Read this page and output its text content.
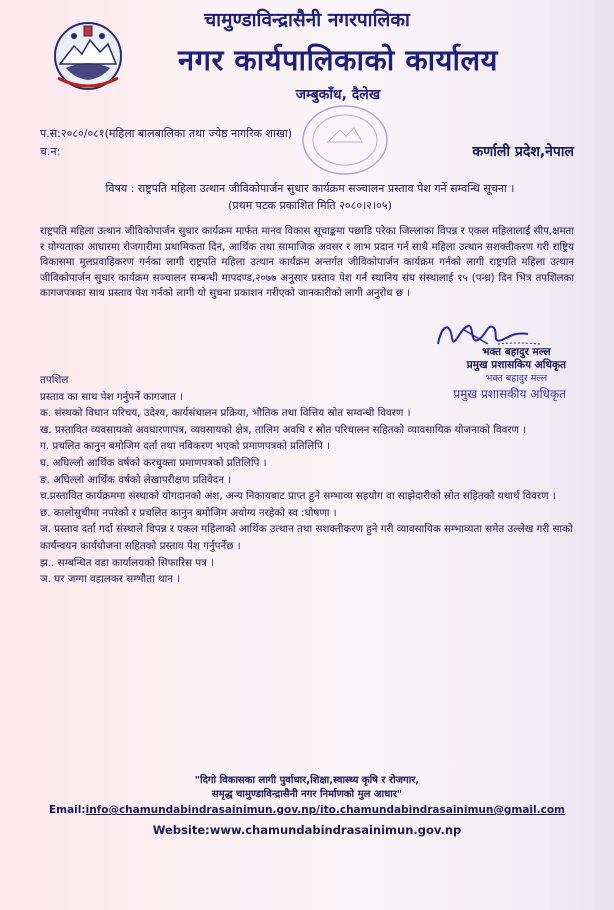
चामुण्डाविन्द्रासैनी नगरपालिका
नगर कार्यपालिकाको कार्यालय
जम्बुकाँध, दैलेख
प.स:२०८०/०८१(महिला बालबालिका तथा ज्येष्ठ नागरिक शाखा)
च.न:	कर्णाली प्रदेश,नेपाल
विषय : राष्ट्रपति महिला उत्थान जीविकोपार्जन सुधार कार्यक्रम सञ्चालन प्रस्ताव पेश गर्ने सम्वन्धि सूचना ।
(प्रथम पटक प्रकाशित मिति २०८०।२।०५)
राष्ट्रपति महिला उत्थान जीविकोपार्जन सुधार कार्यक्रम मार्फत मानव विकास सूचाङ्कमा पछाडि परेका जिल्लाका विपन्न र एकल महिलालाई सीप,क्षमता र योग्यताका आधारमा रोजगारीमा प्रथामिकता दिन, आर्थिक तथा सामाजिक अवसर र लाभ प्रदान गर्न साथै महिला उत्थान सशक्तीकरण गरी राष्ट्रिय विकासमा मुलप्रवाहिकरण गर्नका लागी राष्ट्रपति महिला उत्थान कार्यक्रम अन्तर्गत जीविकोपार्जन कार्यक्रम गर्नको लागी राष्ट्रपति महिला उत्थान जीविकोपार्जन सुधार कार्यक्रम सञ्चालन सम्बन्धी मापदण्ड,२०७७ अनुसार प्रस्ताव पेश गर्न स्थानिय संघ संस्थालाई १५ (पन्ध्र) दिन भित्र तपशिलका कागजपत्रका साथ प्रस्ताव पेश गर्नको लागी यो सुचना प्रकाशन गरीएको जानकारीको लागी अनुरोध छ ।
भक्त बहादुर मल्ल
प्रमुख प्रशासकिय अधिकृत
भक्त बहादुर मल्ल
प्रमुख प्रशासकीय अधिकृत

तपशिल

प्रस्ताव का साथ पेश गर्नुपर्ने कागजात ।

क. संस्थको विधान परिचय, उदेश्य, कार्यसंचालन प्रक्रिया, भौतिक तथा वित्तिय स्रोत सम्वन्धी विवरण ।

ख. प्रस्तावित व्यवसायको अवधारणापत्र, व्यवसायको क्षेत्र, तालिम अवधि र स्रोत परिचालन सहितको व्यावसायिक योजनाको विवरण ।

ग. प्रचलित कानुन बमोजिम दर्ता तथा नविकरण भएको प्रमाणपत्रको प्रतिलिपि ।

घ. अघिल्लो आर्थिक वर्षको करचुक्ता प्रमाणपत्रको प्रतिलिपि ।

ङ. अघिल्लो आर्थिक वर्षको लेखापरीक्षण प्रतिवेदन ।

च.प्रस्तावित कार्यक्रममा संस्थाको योगदानको अंश, अन्य निकायबाट प्राप्त हुने सम्भाव्य सहयोग वा साझेदारीको स्रोत सहितको यथार्थ विवरण ।

छ. कालोसुचीमा नपरेको र प्रचलित कानुन बमोजिम अयोग्य नरहेको स्व :घोषणा ।

ज. प्रस्ताव दर्ता गर्दा संस्थाले विपन्न र एकल महिलाको आर्थिक उत्थान तथा सशक्तीकरण हुने गरी व्यावसायिक सम्भाव्यता समेत उल्लेख गरी साको कार्यन्वयन कार्ययोजना सहितको प्रस्ताव पेश गर्नुपर्नेछ ।

झ.. सम्बन्धित वडा कार्यालयको सिफारिस पत्र ।

ञ. घर जग्गा वहालकर सम्भौता थान ।

"दिगो विकासका लागी पुर्वाधार,शिक्षा,स्वास्थ्य कृषि र रोजगार,
समृद्ध चामुण्डाविन्द्रासैनी नगर निर्माणको मुल आधार"
Email:info@chamundabindrasainimun.gov.np/ito.chamundabindrasainimun@gmail.com
Website:www.chamundabindrasainimun.gov.np
